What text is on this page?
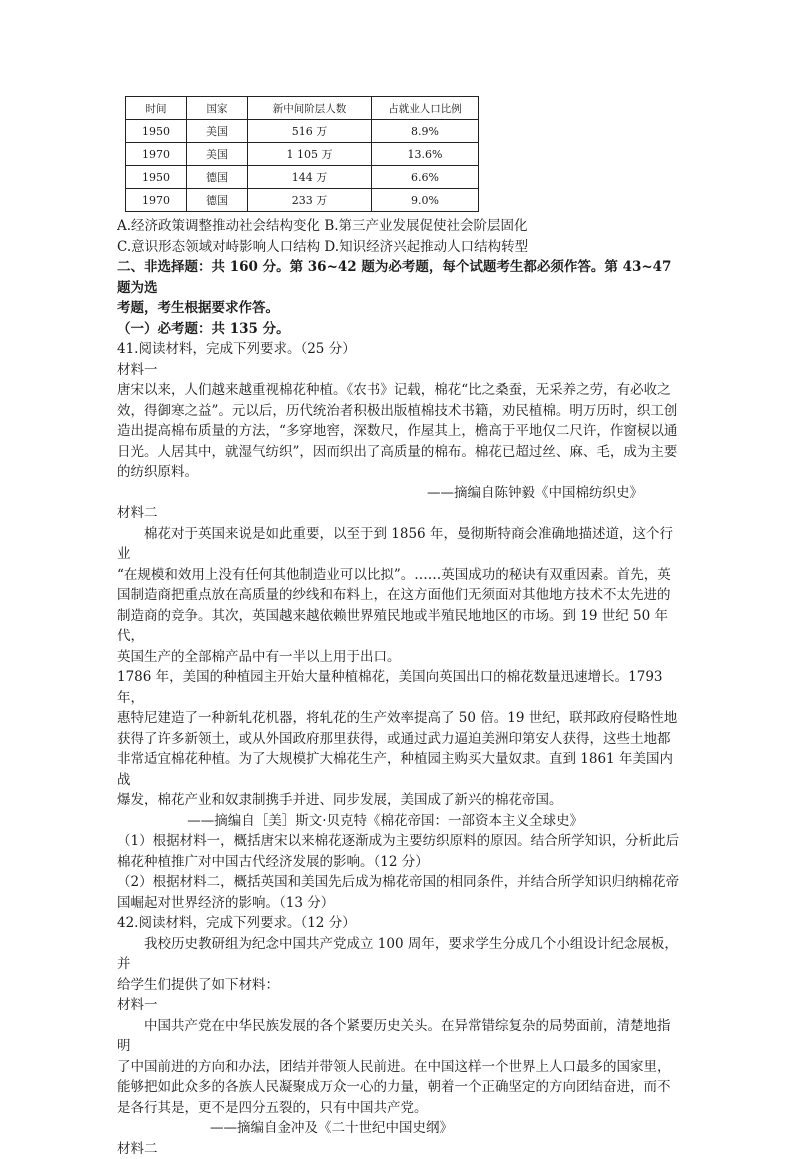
时间	国家	新中间阶层人数	占就业人口比例
1950	美国	516 万	8.9%
1970	美国	1 105 万	13.6%
1950	德国	144 万	6.6%
1970	德国	233 万	9.0%

A.经济政策调整推动社会结构变化 B.第三产业发展促使社会阶层固化

C.意识形态领域对峙影响人口结构 D.知识经济兴起推动人口结构转型

二、非选择题：共 160 分。第 36~42 题为必考题，每个试题考生都必须作答。第 43~47 题为选

考题，考生根据要求作答。

（一）必考题：共 135 分。

41.阅读材料，完成下列要求。（25 分）

材料一

唐宋以来，人们越来越重视棉花种植。《农书》记载，棉花“比之桑蚕，无采养之劳，有必收之

效，得御寒之益”。元以后，历代统治者积极出版植棉技术书籍，劝民植棉。明万历时，织工创

造出提高棉布质量的方法，“多穿地窖，深数尺，作屋其上，檐高于平地仅二尺许，作窗棂以通

日光。人居其中，就湿气纺织”，因而织出了高质量的棉布。棉花已超过丝、麻、毛，成为主要

的纺织原料。

——摘编自陈钟毅《中国棉纺织史》

材料二

棉花对于英国来说是如此重要，以至于到 1856 年，曼彻斯特商会准确地描述道，这个行业

“在规模和效用上没有任何其他制造业可以比拟”。……英国成功的秘诀有双重因素。首先，英

国制造商把重点放在高质量的纱线和布料上，在这方面他们无须面对其他地方技术不太先进的

制造商的竞争。其次，英国越来越依赖世界殖民地或半殖民地地区的市场。到 19 世纪 50 年代，

英国生产的全部棉产品中有一半以上用于出口。

1786 年，美国的种植园主开始大量种植棉花，美国向英国出口的棉花数量迅速增长。1793 年，

惠特尼建造了一种新轧花机器，将轧花的生产效率提高了 50 倍。19 世纪，联邦政府侵略性地

获得了许多新领土，或从外国政府那里获得，或通过武力逼迫美洲印第安人获得，这些土地都

非常适宜棉花种植。为了大规模扩大棉花生产，种植园主购买大量奴隶。直到 1861 年美国内战

爆发，棉花产业和奴隶制携手并进、同步发展，美国成了新兴的棉花帝国。

——摘编自［美］斯文·贝克特《棉花帝国：一部资本主义全球史》

（1）根据材料一，概括唐宋以来棉花逐渐成为主要纺织原料的原因。结合所学知识，分析此后

棉花种植推广对中国古代经济发展的影响。（12 分）

（2）根据材料二，概括英国和美国先后成为棉花帝国的相同条件，并结合所学知识归纳棉花帝

国崛起对世界经济的影响。（13 分）

42.阅读材料，完成下列要求。（12 分）

我校历史教研组为纪念中国共产党成立 100 周年，要求学生分成几个小组设计纪念展板，并

给学生们提供了如下材料：

材料一

中国共产党在中华民族发展的各个紧要历史关头。在异常错综复杂的局势面前，清楚地指明

了中国前进的方向和办法，团结并带领人民前进。在中国这样一个世界上人口最多的国家里，

能够把如此众多的各族人民凝聚成万众一心的力量，朝着一个正确坚定的方向团结奋进，而不

是各行其是，更不是四分五裂的，只有中国共产党。

——摘编自金冲及《二十世纪中国史纲》

材料二
